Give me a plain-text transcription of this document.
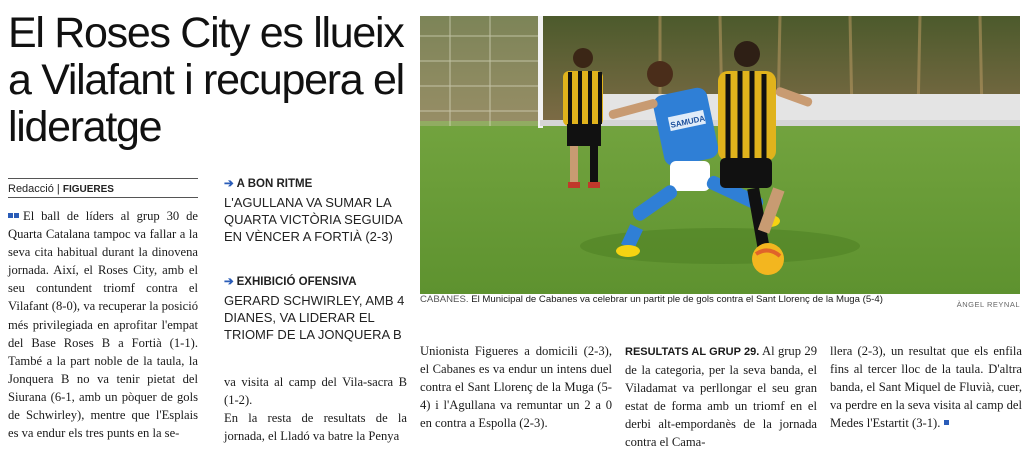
El Roses City es llueix a Vilafant i recupera el lideratge
Redacció | FIGUERES

El ball de líders al grup 30 de Quarta Catalana tampoc va fallar a la seva cita habitual durant la dinovena jornada. Així, el Roses City, amb el seu contundent triomf contra el Vilafant (8-0), va recuperar la posició més privilegiada en aprofitar l'empat del Base Roses B a Fortià (1-1). També a la part noble de la taula, la Jonquera B no va tenir pietat del Siurana (6-1, amb un pòquer de gols de Schwirley), mentre que l'Esplais es va endur els tres punts en la se-

➔ A BON RITME

L'AGULLANA VA SUMAR LA QUARTA VICTÒRIA SEGUIDA EN VÈNCER A FORTIÀ (2-3)

➔ EXHIBICIÓ OFENSIVA

GERARD SCHWIRLEY, AMB 4 DIANES, VA LIDERAR EL TRIOMF DE LA JONQUERA B

va visita al camp del Vila-sacra B (1-2).

En la resta de resultats de la jornada, el Lladó va batre la Penya

SAMUDA
CABANES. El Municipal de Cabanes va celebrar un partit ple de gols contra el Sant Llorenç de la Muga (5-4)	ÀNGEL REYNAL

Unionista Figueres a domicili (2-3), el Cabanes es va endur un intens duel contra el Sant Llorenç de la Muga (5-4) i l'Agullana va remuntar un 2 a 0 en contra a Espolla (2-3).

RESULTATS AL GRUP 29. Al grup 29 de la categoria, per la seva banda, el Viladamat va perllongar el seu gran estat de forma amb un triomf en el derbi alt-empordanès de la jornada contra el Cama-

llera (2-3), un resultat que els enfila fins al tercer lloc de la taula. D'altra banda, el Sant Miquel de Fluvià, cuer, va perdre en la seva visita al camp del Medes l'Estartit (3-1).
